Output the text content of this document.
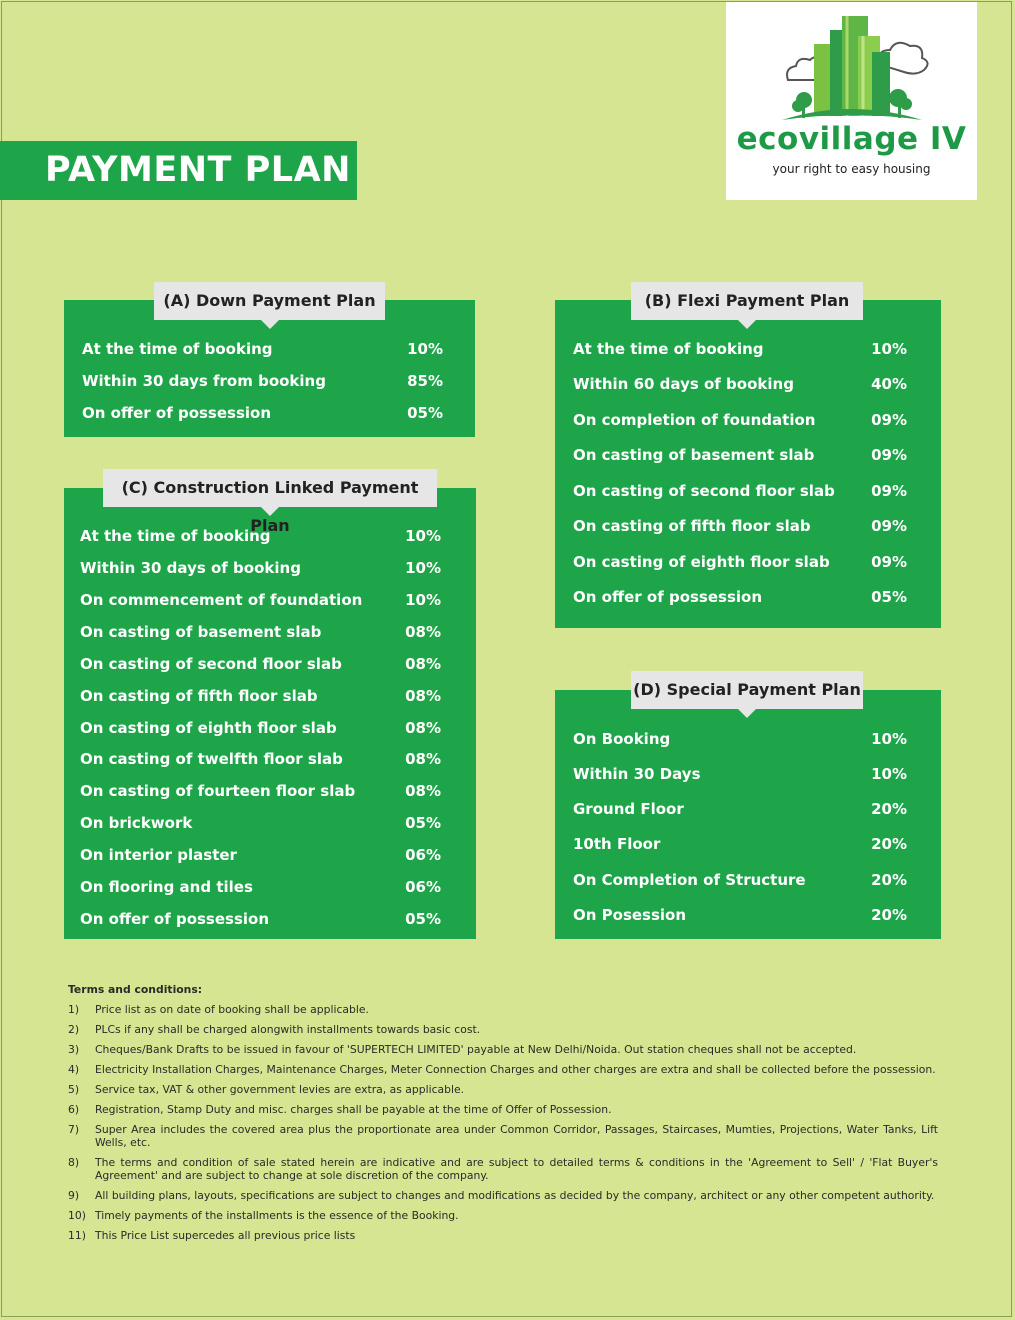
PAYMENT PLAN
ecovillage IV
your right to easy housing
At the time of booking	10%
Within 30 days from booking	85%
On offer of possession	05%
(A) Down Payment Plan
At the time of booking	10%
Within 30 days of booking	10%
On commencement of foundation	10%
On casting of basement slab	08%
On casting of second floor slab	08%
On casting of fifth floor slab	08%
On casting of eighth floor slab	08%
On casting of twelfth floor slab	08%
On casting of fourteen floor slab	08%
On brickwork	05%
On interior plaster	06%
On flooring and tiles	06%
On offer of possession	05%
(C) Construction Linked Payment Plan
At the time of booking	10%
Within 60 days of booking	40%
On completion of foundation	09%
On casting of basement slab	09%
On casting of second floor slab 09%
On casting of fifth floor slab	09%
On casting of eighth floor slab	09%
On offer of possession	05%
(B) Flexi Payment Plan
On Booking	10%
Within 30 Days	10%
Ground Floor	20%
10th Floor	20%
On Completion of Structure	20%
On Posession	20%
(D) Special Payment Plan
Terms and conditions:
1)	Price list as on date of booking shall be applicable.
2)	PLCs if any shall be charged alongwith installments towards basic cost.
3)	Cheques/Bank Drafts to be issued in favour of 'SUPERTECH LIMITED' payable at New Delhi/Noida. Out station cheques shall not be accepted.
4)	Electricity Installation Charges, Maintenance Charges, Meter Connection Charges and other charges are extra and shall be collected before the possession.
5)	Service tax, VAT & other government levies are extra, as applicable.
6)	Registration, Stamp Duty and misc. charges shall be payable at the time of Offer of Possession.
7)	Super Area includes the covered area plus the proportionate area under Common Corridor, Passages, Staircases, Mumties, Projections, Water Tanks, Lift Wells, etc.
8)	The terms and condition of sale stated herein are indicative and are subject to detailed terms & conditions in the 'Agreement to Sell' / 'Flat Buyer's Agreement' and are subject to change at sole discretion of the company.
9)	All building plans, layouts, specifications are subject to changes and modifications as decided by the company, architect or any other competent authority.
10) Timely payments of the installments is the essence of the Booking.
11) This Price List supercedes all previous price lists
